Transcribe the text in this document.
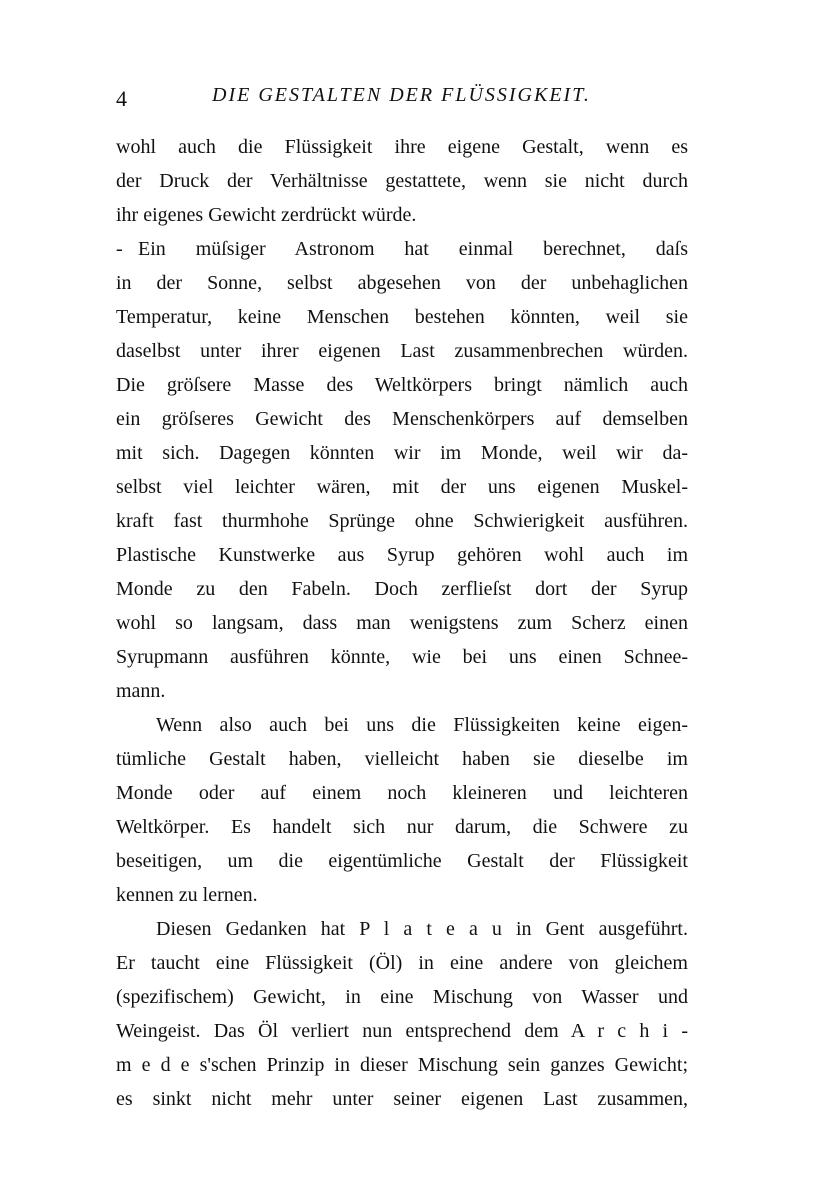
4	DIE GESTALTEN DER FLÜSSIGKEIT.
wohl auch die Flüssigkeit ihre eigene Gestalt, wenn es
der Druck der Verhältnisse gestattete, wenn sie nicht durch
ihr eigenes Gewicht zerdrückt würde.
- Ein müſsiger Astronom hat einmal berechnet, daſs
in der Sonne, selbst abgesehen von der unbehaglichen
Temperatur, keine Menschen bestehen könnten, weil sie
daselbst unter ihrer eigenen Last zusammenbrechen würden.
Die gröſsere Masse des Weltkörpers bringt nämlich auch
ein gröſseres Gewicht des Menschenkörpers auf demselben
mit sich. Dagegen könnten wir im Monde, weil wir da-
selbst viel leichter wären, mit der uns eigenen Muskel-
kraft fast thurmhohe Sprünge ohne Schwierigkeit ausführen.
Plastische Kunstwerke aus Syrup gehören wohl auch im
Monde zu den Fabeln. Doch zerflieſst dort der Syrup
wohl so langsam, dass man wenigstens zum Scherz einen
Syrupmann ausführen könnte, wie bei uns einen Schnee-
mann.
Wenn also auch bei uns die Flüssigkeiten keine eigen-
tümliche Gestalt haben, vielleicht haben sie dieselbe im
Monde oder auf einem noch kleineren und leichteren
Weltkörper. Es handelt sich nur darum, die Schwere zu
beseitigen, um die eigentümliche Gestalt der Flüssigkeit
kennen zu lernen.
Diesen Gedanken hat P l a t e a u in Gent ausgeführt.
Er taucht eine Flüssigkeit (Öl) in eine andere von gleichem
(spezifischem) Gewicht, in eine Mischung von Wasser und
Weingeist. Das Öl verliert nun entsprechend dem A r c h i -
m e d e s'schen Prinzip in dieser Mischung sein ganzes Gewicht;
es sinkt nicht mehr unter seiner eigenen Last zusammen,
